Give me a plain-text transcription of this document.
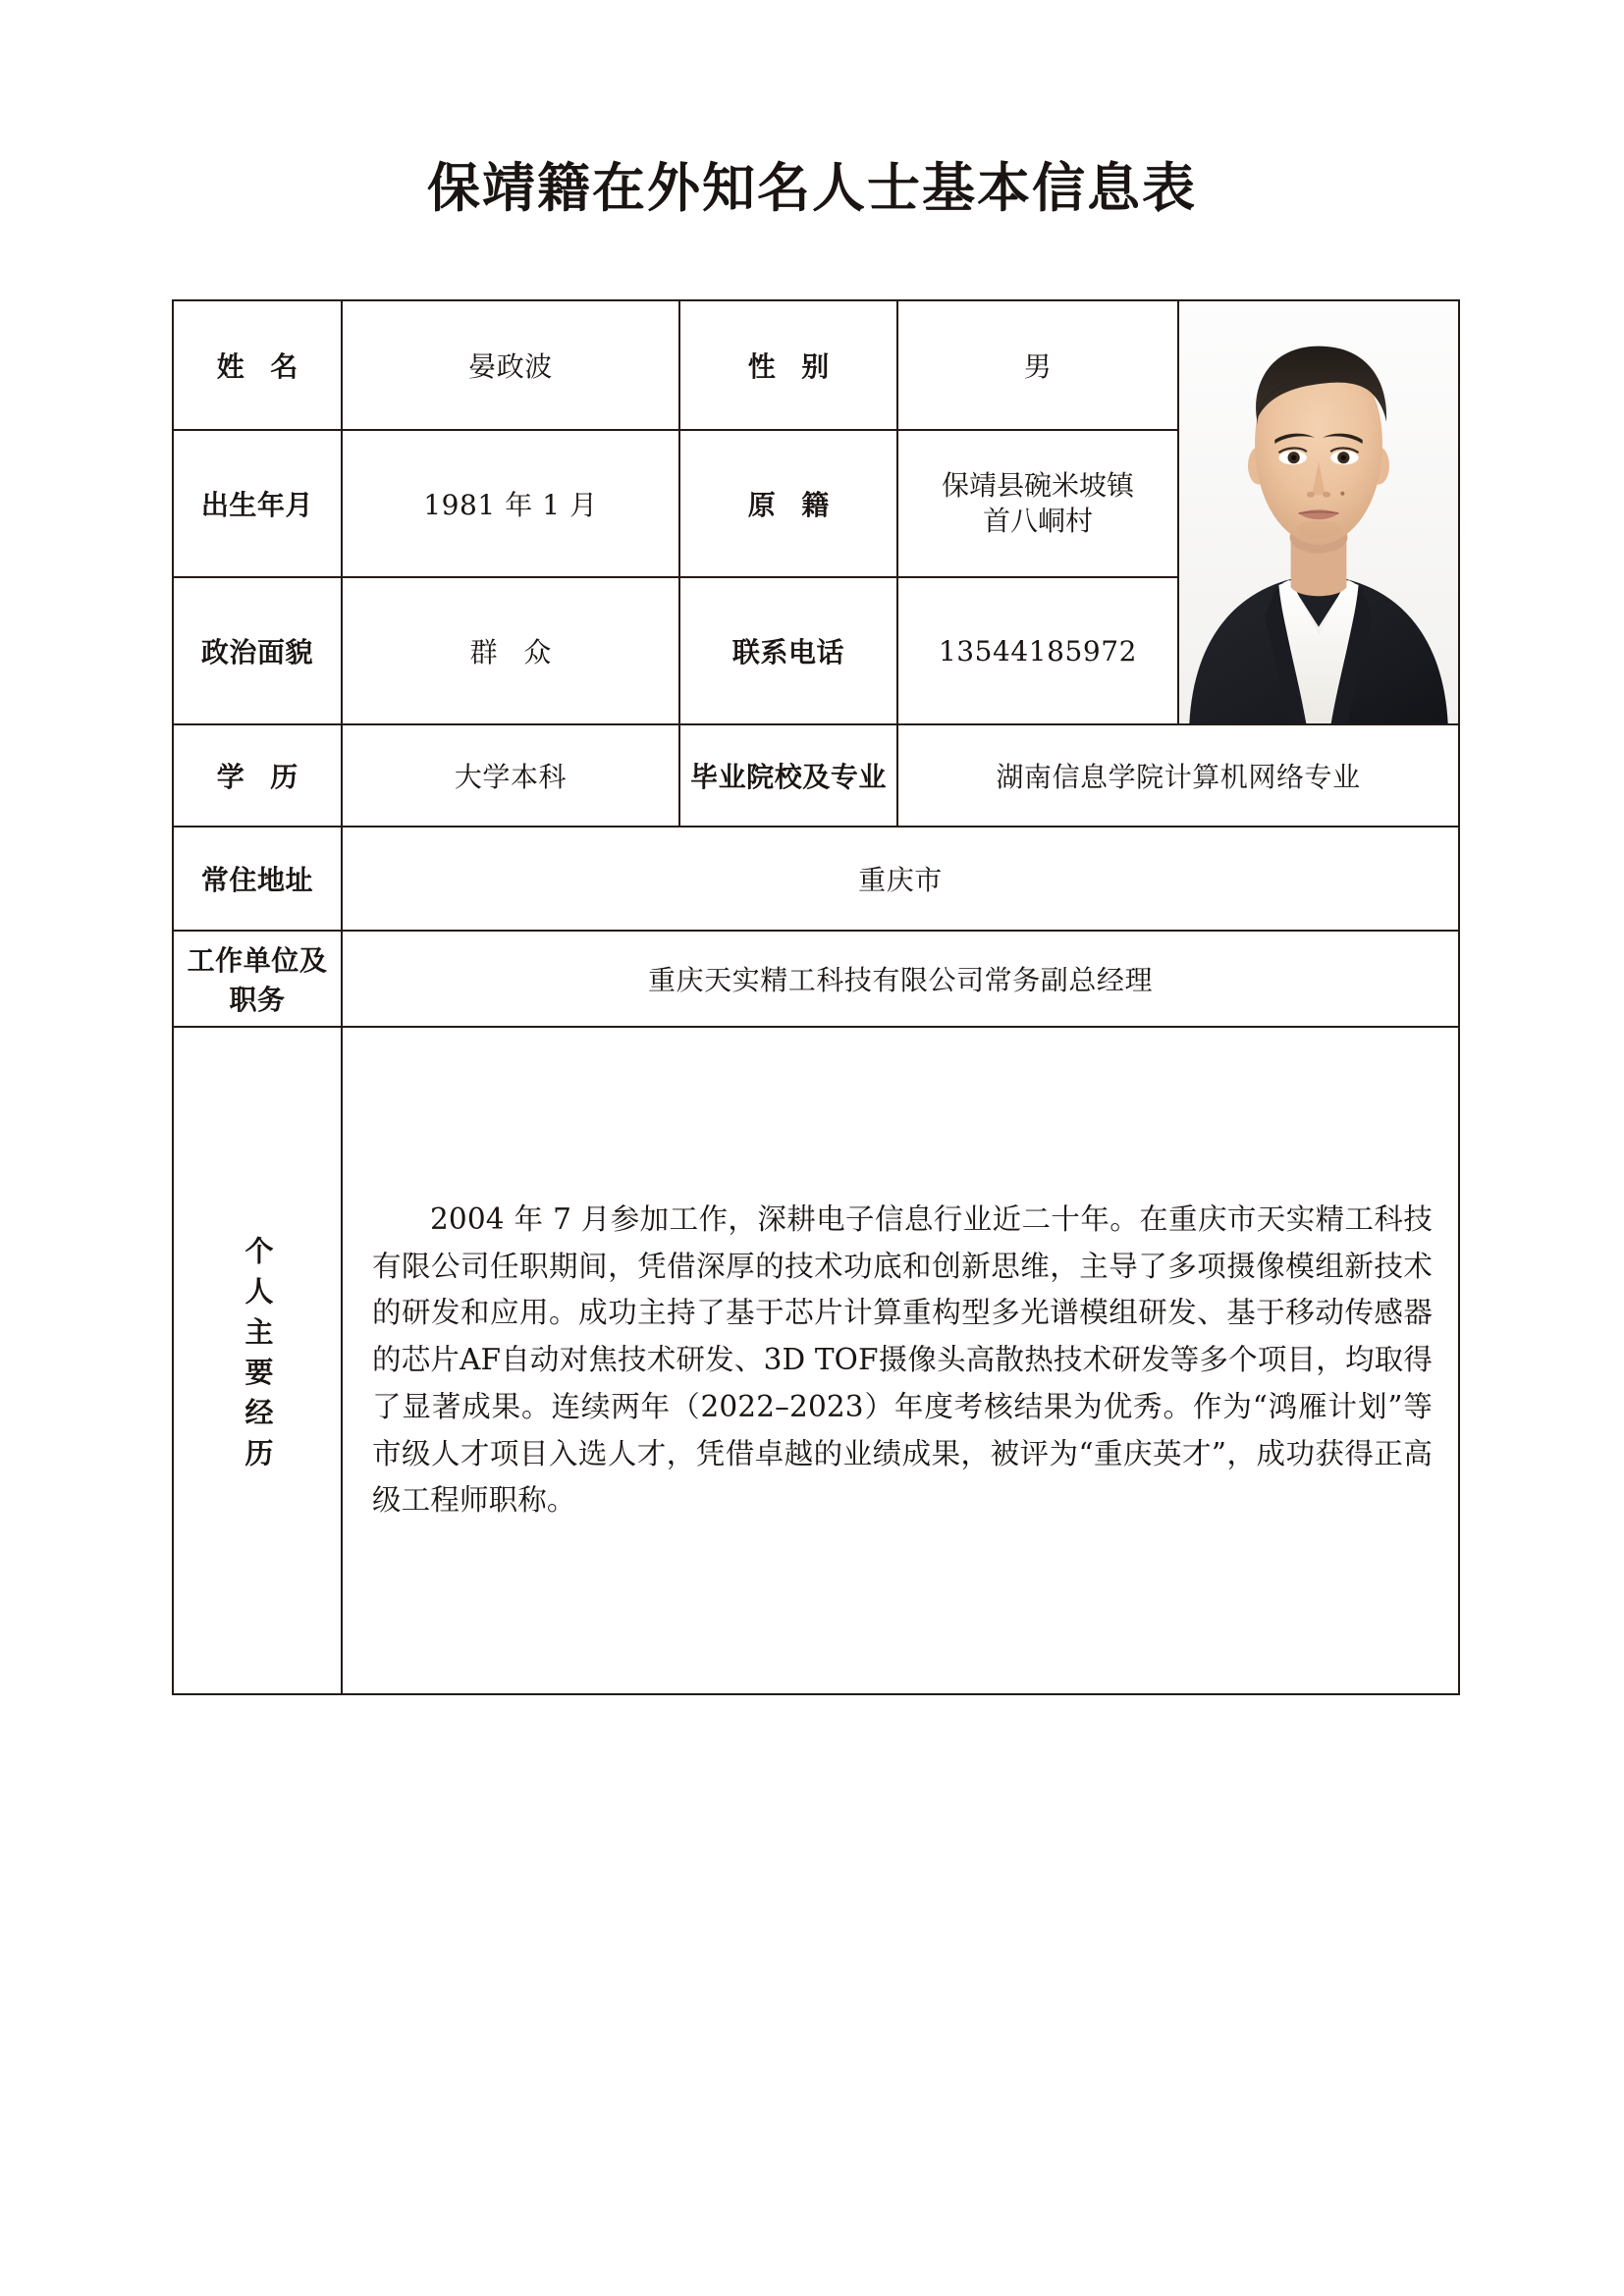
保靖籍在外知名人士基本信息表
姓 名	晏政波	性 别	男	

出生年月	1981 年 1 月	原 籍	保靖县碗米坡镇
首八峒村	

政治面貌	群 众	联系电话	13544185972	
学 历	大学本科	毕业院校及专业	湖南信息学院计算机网络专业	
常住地址	重庆市			
工作单位及职务	重庆天实精工科技有限公司常务副总经理			
个人主要经历	2004 年 7 月参加工作，深耕电子信息行业近二十年。在重庆市天实精工科技有限公司任职期间，凭借深厚的技术功底和创新思维，主导了多项摄像模组新技术的研发和应用。成功主持了基于芯片计算重构型多光谱模组研发、基于移动传感器的芯片AF自动对焦技术研发、3D TOF摄像头高散热技术研发等多个项目，均取得了显著成果。连续两年（2022–2023）年度考核结果为优秀。作为“鸿雁计划”等市级人才项目入选人才，凭借卓越的业绩成果，被评为“重庆英才”，成功获得正高级工程师职称。			
